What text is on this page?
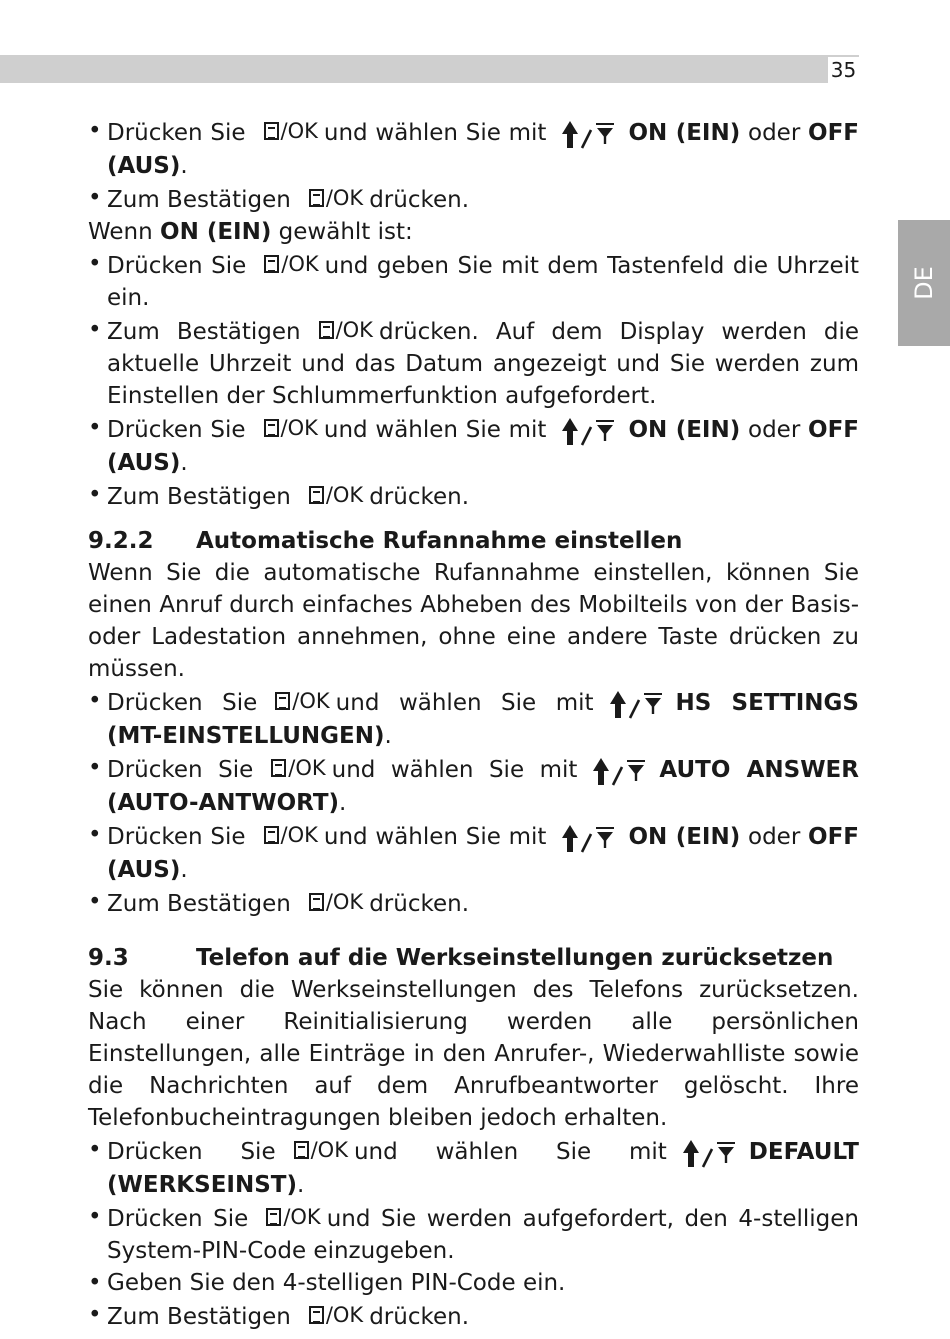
35
DE
• Drücken Sie /OK und wählen Sie mit	ON (EIN) oder OFF (AUS).
• Zum Bestätigen /OK drücken.
Wenn ON (EIN) gewählt ist:
• Drücken Sie /OK und geben Sie mit dem Tastenfeld die Uhrzeit ein.
• Zum Bestätigen /OK drücken. Auf dem Display werden die aktuelle Uhrzeit und das Datum angezeigt und Sie werden zum Einstellen der Schlummerfunktion aufgefordert.
• Drücken Sie /OK und wählen Sie mit	ON (EIN) oder OFF (AUS).
• Zum Bestätigen /OK drücken.
9.2.2 Automatische Rufannahme einstellen
Wenn Sie die automatische Rufannahme einstellen, können Sie einen Anruf durch einfaches Abheben des Mobilteils von der Basis- oder Ladestation annehmen, ohne eine andere Taste drücken zu müssen.
• Drücken Sie /OK und wählen Sie mit	HS SETTINGS (MT-EINSTELLUNGEN).
• Drücken Sie /OK und wählen Sie mit	AUTO ANSWER (AUTO-ANTWORT).
• Drücken Sie /OK und wählen Sie mit	ON (EIN) oder OFF (AUS).
• Zum Bestätigen /OK drücken.
9.3	Telefon auf die Werkseinstellungen zurücksetzen
Sie können die Werkseinstellungen des Telefons zurücksetzen. Nach einer Reinitialisierung werden alle persönlichen Einstellungen, alle Einträge in den Anrufer-, Wiederwahlliste sowie die Nachrichten auf dem Anrufbeantworter gelöscht. Ihre Telefonbucheintragungen bleiben jedoch erhalten.
• Drücken Sie /OK und wählen Sie mit	DEFAULT (WERKSEINST).
• Drücken Sie /OK und Sie werden aufgefordert, den 4-stelligen System-PIN-Code einzugeben.
• Geben Sie den 4-stelligen PIN-Code ein.
• Zum Bestätigen /OK drücken.
